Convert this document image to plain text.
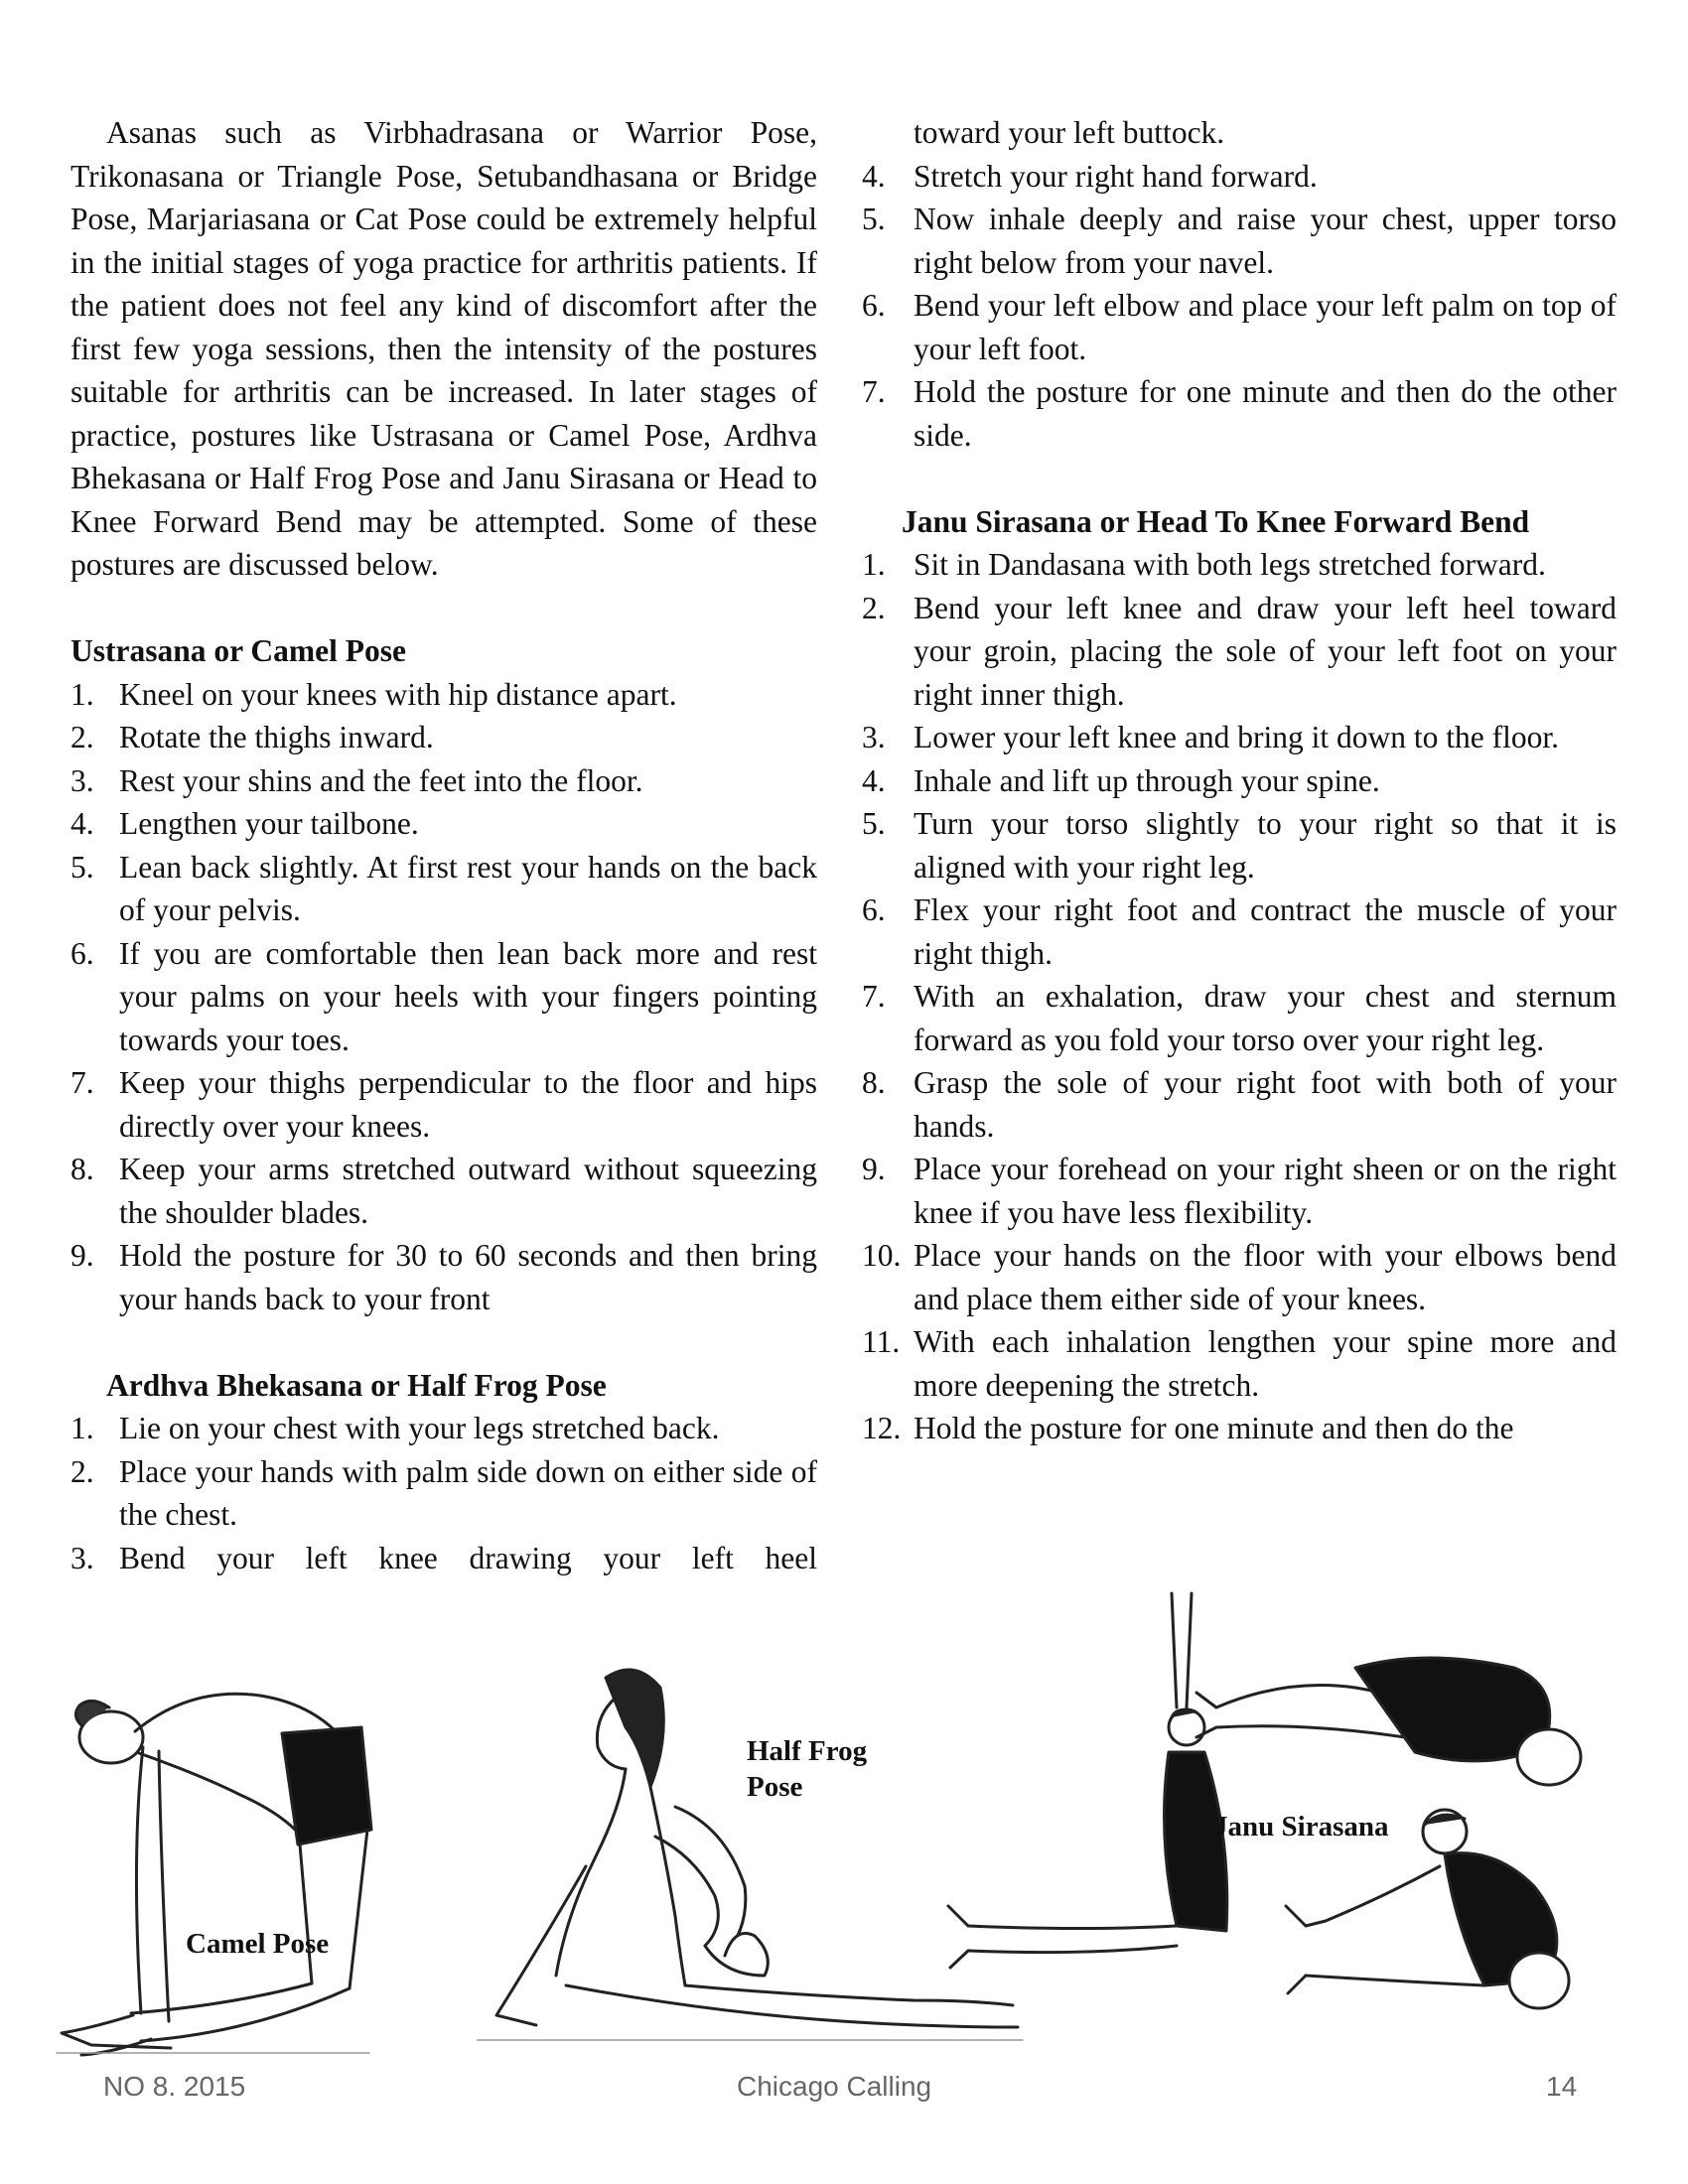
Asanas such as Virbhadrasana or Warrior Pose, Trikonasana or Triangle Pose, Setubandhasana or Bridge Pose, Marjariasana or Cat Pose could be extremely helpful in the initial stages of yoga practice for arthritis patients. If the patient does not feel any kind of discomfort after the first few yoga sessions, then the intensity of the postures suitable for arthritis can be increased. In later stages of practice, postures like Ustrasana or Camel Pose, Ardhva Bhekasana or Half Frog Pose and Janu Sirasana or Head to Knee Forward Bend may be attempted. Some of these postures are discussed below.

Ustrasana or Camel Pose

1. Kneel on your knees with hip distance apart.
2. Rotate the thighs inward.
3. Rest your shins and the feet into the floor.
4. Lengthen your tailbone.
5. Lean back slightly. At first rest your hands on the back of your pelvis.
6. If you are comfortable then lean back more and rest your palms on your heels with your fingers pointing towards your toes.
7. Keep your thighs perpendicular to the floor and hips directly over your knees.
8. Keep your arms stretched outward without squeezing the shoulder blades.
9. Hold the posture for 30 to 60 seconds and then bring your hands back to your front

Ardhva Bhekasana or Half Frog Pose

1. Lie on your chest with your legs stretched back.
2. Place your hands with palm side down on either side of the chest.
3. Bend your left knee drawing your left heel

toward your left buttock.

4. Stretch your right hand forward.
5. Now inhale deeply and raise your chest, upper torso right below from your navel.
6. Bend your left elbow and place your left palm on top of your left foot.
7. Hold the posture for one minute and then do the other side.

Janu Sirasana or Head To Knee Forward Bend

1. Sit in Dandasana with both legs stretched forward.
2. Bend your left knee and draw your left heel toward your groin, placing the sole of your left foot on your right inner thigh.
3. Lower your left knee and bring it down to the floor.
4. Inhale and lift up through your spine.
5. Turn your torso slightly to your right so that it is aligned with your right leg.
6. Flex your right foot and contract the muscle of your right thigh.
7. With an exhalation, draw your chest and sternum forward as you fold your torso over your right leg.
8. Grasp the sole of your right foot with both of your hands.
9. Place your forehead on your right sheen or on the right knee if you have less flexibility.
10. Place your hands on the floor with your elbows bend and place them either side of your knees.
11. With each inhalation lengthen your spine more and more deepening the stretch.
12. Hold the posture for one minute and then do the
Camel Pose
Half Frog
Pose
Janu Sirasana
NO 8. 2015	Chicago Calling	14
